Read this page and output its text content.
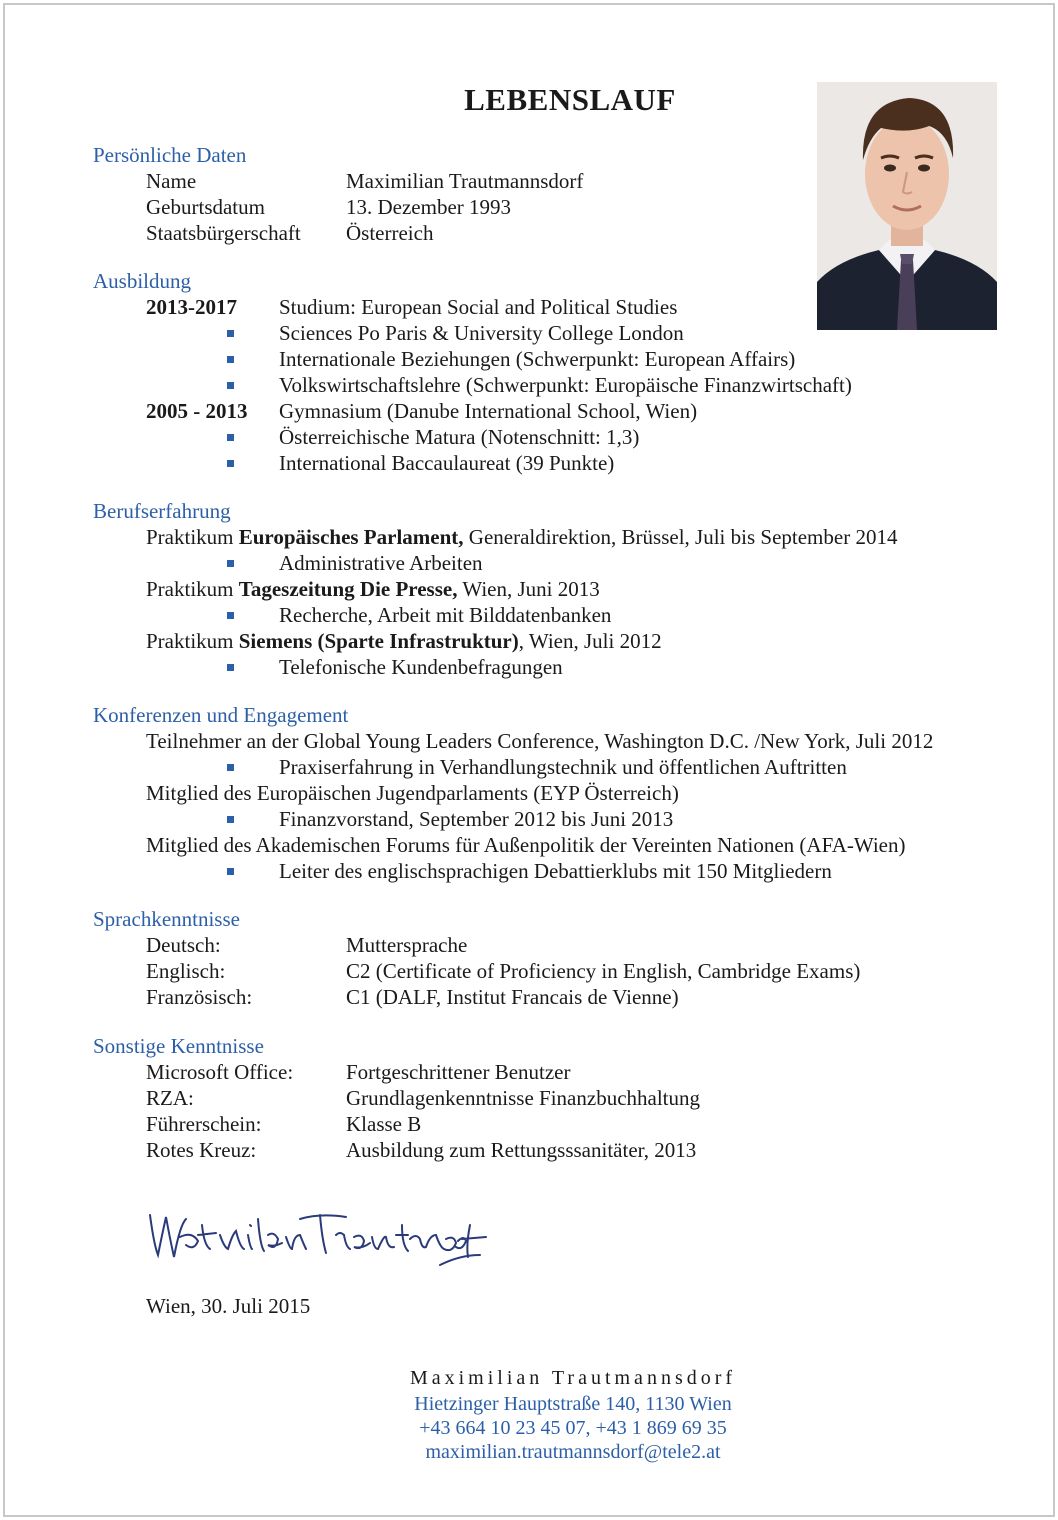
LEBENSLAUF
Persönliche Daten
Name	Maximilian Trautmannsdorf
Geburtsdatum	13. Dezember 1993
Staatsbürgerschaft Österreich
Ausbildung
2013-2017 Studium: European Social and Political Studies
Sciences Po Paris & University College London
Internationale Beziehungen (Schwerpunkt: European Affairs)
Volkswirtschaftslehre (Schwerpunkt: Europäische Finanzwirtschaft)
2005 - 2013 Gymnasium (Danube International School, Wien)
Österreichische Matura (Notenschnitt: 1,3)
International Baccaulaureat (39 Punkte)
Berufserfahrung
Praktikum Europäisches Parlament, Generaldirektion, Brüssel, Juli bis September 2014
Administrative Arbeiten
Praktikum Tageszeitung Die Presse, Wien, Juni 2013
Recherche, Arbeit mit Bilddatenbanken
Praktikum Siemens (Sparte Infrastruktur), Wien, Juli 2012
Telefonische Kundenbefragungen
Konferenzen und Engagement
Teilnehmer an der Global Young Leaders Conference, Washington D.C. /New York, Juli 2012
Praxiserfahrung in Verhandlungstechnik und öffentlichen Auftritten
Mitglied des Europäischen Jugendparlaments (EYP Österreich)
Finanzvorstand, September 2012 bis Juni 2013
Mitglied des Akademischen Forums für Außenpolitik der Vereinten Nationen (AFA-Wien)
Leiter des englischsprachigen Debattierklubs mit 150 Mitgliedern
Sprachkenntnisse
Deutsch:	Muttersprache
Englisch:	C2 (Certificate of Proficiency in English, Cambridge Exams)
Französisch:	C1 (DALF, Institut Francais de Vienne)
Sonstige Kenntnisse
Microsoft Office:	Fortgeschrittener Benutzer
RZA:	Grundlagenkenntnisse Finanzbuchhaltung
Führerschein:	Klasse B
Rotes Kreuz:	Ausbildung zum Rettungsssanitäter, 2013
Wien, 30. Juli 2015
Maximilian Trautmannsdorf
Hietzinger Hauptstraße 140, 1130 Wien
+43 664 10 23 45 07, +43 1 869 69 35
maximilian.trautmannsdorf@tele2.at
